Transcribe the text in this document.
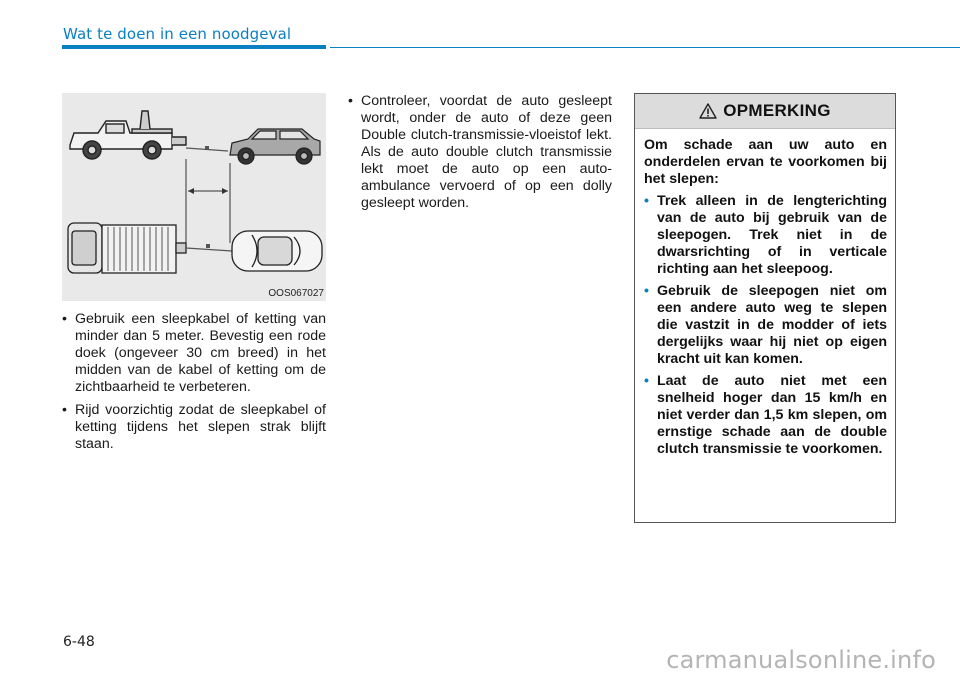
Wat te doen in een noodgeval
OOS067027
• Gebruik een sleepkabel of ketting van minder dan 5 meter. Bevestig een rode doek (ongeveer 30 cm breed) in het midden van de kabel of ketting om de zichtbaarheid te verbeteren.
• Rijd voorzichtig zodat de sleepkabel of ketting tijdens het slepen strak blijft staan.
• Controleer, voordat de auto gesleept wordt, onder de auto of deze geen Double clutch-transmissie-vloeistof lekt. Als de auto double clutch transmissie lekt moet de auto op een auto-ambulance vervoerd of op een dolly gesleept worden.
OPMERKING

Om schade aan uw auto en onderdelen ervan te voorkomen bij het slepen:

• Trek alleen in de lengterichting van de auto bij gebruik van de sleepogen. Trek niet in de dwarsrichting of in verticale richting aan het sleepoog.
• Gebruik de sleepogen niet om een andere auto weg te slepen die vastzit in de modder of iets dergelijks waar hij niet op eigen kracht uit kan komen.
• Laat de auto niet met een snelheid hoger dan 15 km/h en niet verder dan 1,5 km slepen, om ernstige schade aan de double clutch transmissie te voorkomen.
6-48
carmanualsonline.info
